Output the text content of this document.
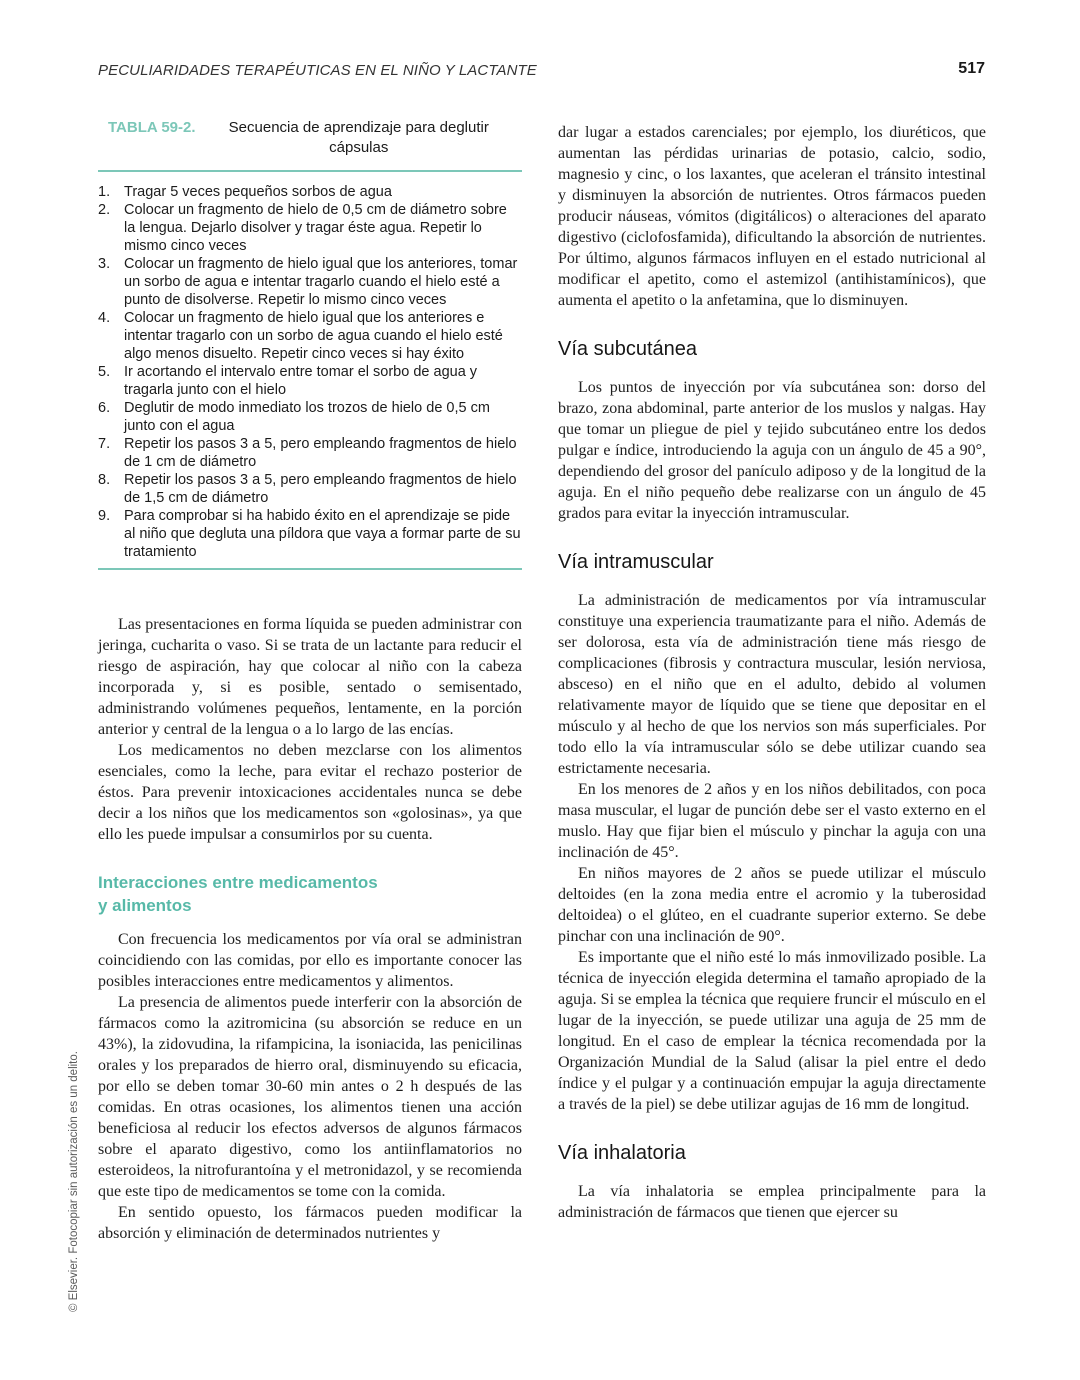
PECULIARIDADES TERAPÉUTICAS EN EL NIÑO Y LACTANTE	517
© Elsevier. Fotocopiar sin autorización es un delito.
TABLA 59-2.	Secuencia de aprendizaje para deglutir cápsulas
1. Tragar 5 veces pequeños sorbos de agua
2. Colocar un fragmento de hielo de 0,5 cm de diámetro sobre la lengua. Dejarlo disolver y tragar éste agua. Repetir lo mismo cinco veces
3. Colocar un fragmento de hielo igual que los anteriores, tomar un sorbo de agua e intentar tragarlo cuando el hielo esté a punto de disolverse. Repetir lo mismo cinco veces
4. Colocar un fragmento de hielo igual que los anteriores e intentar tragarlo con un sorbo de agua cuando el hielo esté algo menos disuelto. Repetir cinco veces si hay éxito
5. Ir acortando el intervalo entre tomar el sorbo de agua y tragarla junto con el hielo
6. Deglutir de modo inmediato los trozos de hielo de 0,5 cm junto con el agua
7. Repetir los pasos 3 a 5, pero empleando fragmentos de hielo de 1 cm de diámetro
8. Repetir los pasos 3 a 5, pero empleando fragmentos de hielo de 1,5 cm de diámetro
9. Para comprobar si ha habido éxito en el aprendizaje se pide al niño que degluta una píldora que vaya a formar parte de su tratamiento

Las presentaciones en forma líquida se pueden administrar con jeringa, cucharita o vaso. Si se trata de un lactante para reducir el riesgo de aspiración, hay que colocar al niño con la cabeza incorporada y, si es posible, sentado o semisentado, administrando volúmenes pequeños, lentamente, en la porción anterior y central de la lengua o a lo largo de las encías.

Los medicamentos no deben mezclarse con los alimentos esenciales, como la leche, para evitar el rechazo posterior de éstos. Para prevenir intoxicaciones accidentales nunca se debe decir a los niños que los medicamentos son «golosinas», ya que ello les puede impulsar a consumirlos por su cuenta.

Interacciones entre medicamentos
y alimentos

Con frecuencia los medicamentos por vía oral se administran coincidiendo con las comidas, por ello es importante conocer las posibles interacciones entre medicamentos y alimentos.

La presencia de alimentos puede interferir con la absorción de fármacos como la azitromicina (su absorción se reduce en un 43%), la zidovudina, la rifampicina, la isoniacida, las penicilinas orales y los preparados de hierro oral, disminuyendo su eficacia, por ello se deben tomar 30-60 min antes o 2 h después de las comidas. En otras ocasiones, los alimentos tienen una acción beneficiosa al reducir los efectos adversos de algunos fármacos sobre el aparato digestivo, como los antiinflamatorios no esteroideos, la nitrofurantoína y el metronidazol, y se recomienda que este tipo de medicamentos se tome con la comida.

En sentido opuesto, los fármacos pueden modificar la absorción y eliminación de determinados nutrientes y

dar lugar a estados carenciales; por ejemplo, los diuréticos, que aumentan las pérdidas urinarias de potasio, calcio, sodio, magnesio y cinc, o los laxantes, que aceleran el tránsito intestinal y disminuyen la absorción de nutrientes. Otros fármacos pueden producir náuseas, vómitos (digitálicos) o alteraciones del aparato digestivo (ciclofosfamida), dificultando la absorción de nutrientes. Por último, algunos fármacos influyen en el estado nutricional al modificar el apetito, como el astemizol (antihistamínicos), que aumenta el apetito o la anfetamina, que lo disminuyen.

Vía subcutánea

Los puntos de inyección por vía subcutánea son: dorso del brazo, zona abdominal, parte anterior de los muslos y nalgas. Hay que tomar un pliegue de piel y tejido subcutáneo entre los dedos pulgar e índice, introduciendo la aguja con un ángulo de 45 a 90°, dependiendo del grosor del panículo adiposo y de la longitud de la aguja. En el niño pequeño debe realizarse con un ángulo de 45 grados para evitar la inyección intramuscular.

Vía intramuscular

La administración de medicamentos por vía intramuscular constituye una experiencia traumatizante para el niño. Además de ser dolorosa, esta vía de administración tiene más riesgo de complicaciones (fibrosis y contractura muscular, lesión nerviosa, absceso) en el niño que en el adulto, debido al volumen relativamente mayor de líquido que se tiene que depositar en el músculo y al hecho de que los nervios son más superficiales. Por todo ello la vía intramuscular sólo se debe utilizar cuando sea estrictamente necesaria.

En los menores de 2 años y en los niños debilitados, con poca masa muscular, el lugar de punción debe ser el vasto externo en el muslo. Hay que fijar bien el músculo y pinchar la aguja con una inclinación de 45°.

En niños mayores de 2 años se puede utilizar el músculo deltoides (en la zona media entre el acromio y la tuberosidad deltoidea) o el glúteo, en el cuadrante superior externo. Se debe pinchar con una inclinación de 90°.

Es importante que el niño esté lo más inmovilizado posible. La técnica de inyección elegida determina el tamaño apropiado de la aguja. Si se emplea la técnica que requiere fruncir el músculo en el lugar de la inyección, se puede utilizar una aguja de 25 mm de longitud. En el caso de emplear la técnica recomendada por la Organización Mundial de la Salud (alisar la piel entre el dedo índice y el pulgar y a continuación empujar la aguja directamente a través de la piel) se debe utilizar agujas de 16 mm de longitud.

Vía inhalatoria

La vía inhalatoria se emplea principalmente para la administración de fármacos que tienen que ejercer su
